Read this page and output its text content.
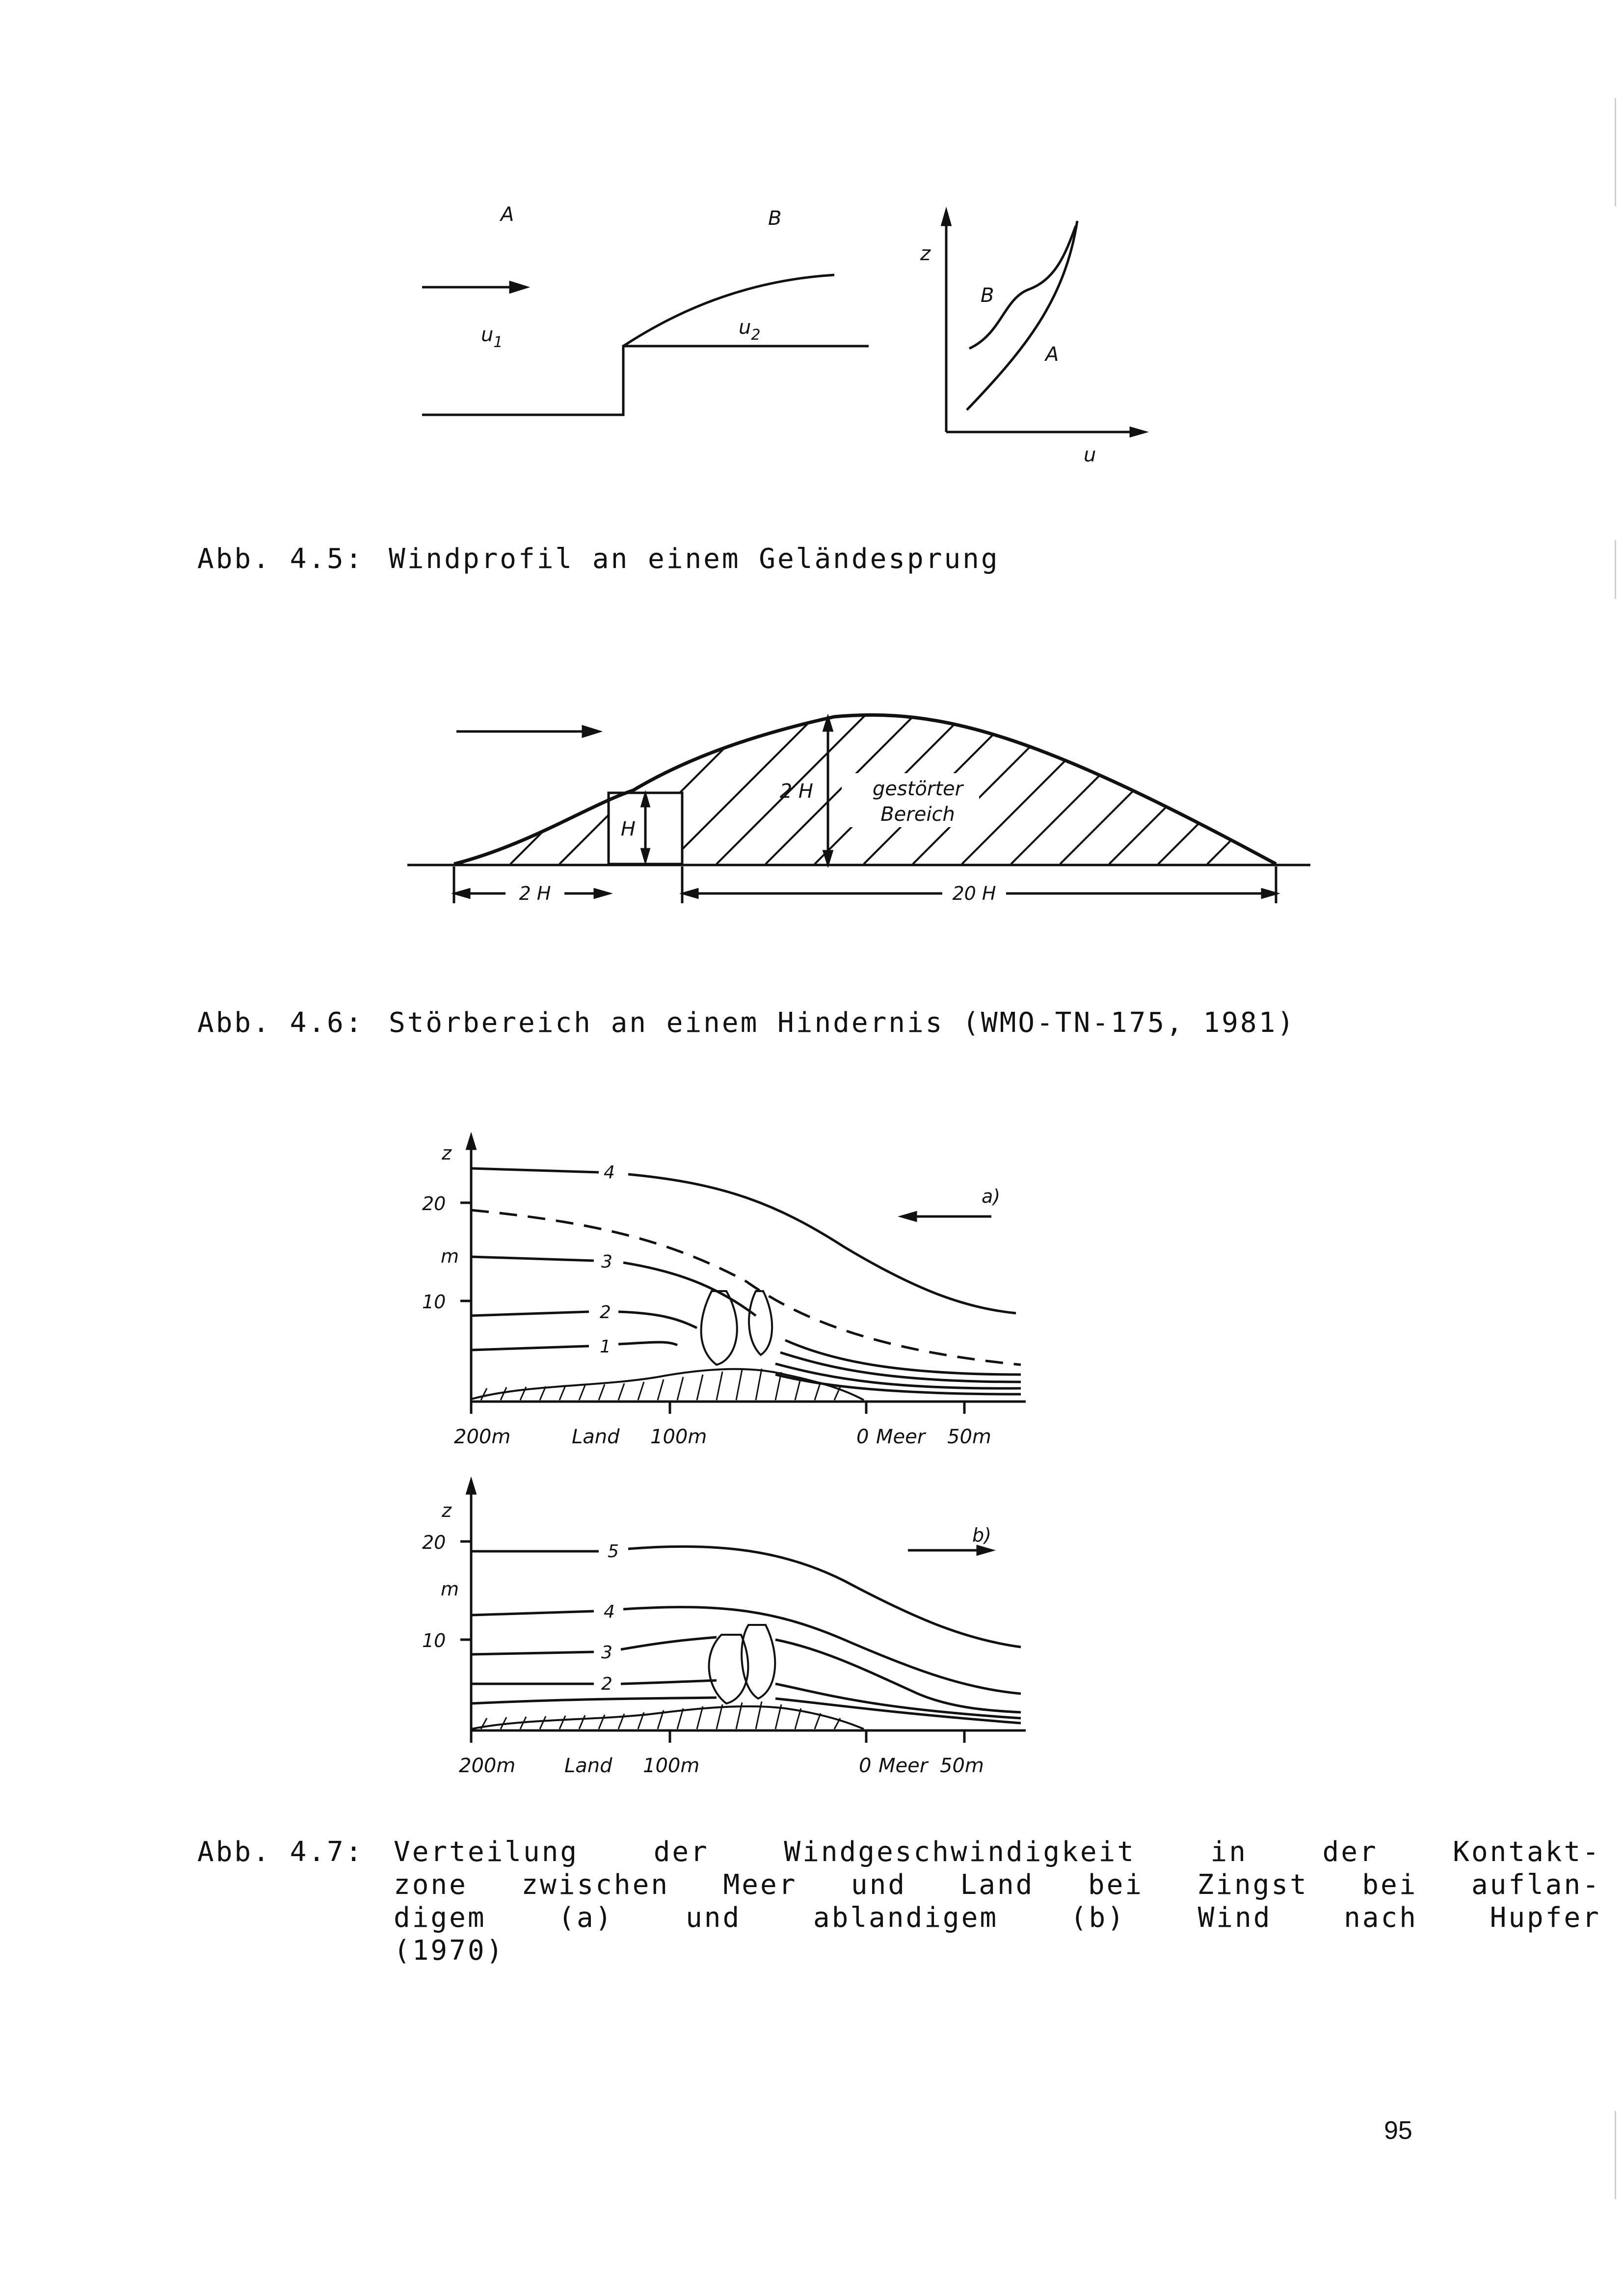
A	B
$u_1$
$u_2$
z
u
B
A
Abb. 4.5: Windprofil an einem Geländesprung
2 H
H
gestörter
Bereich
2 H	20 H
Abb. 4.6: Störbereich an einem Hindernis (WMO-TN-175, 1981)
z
20
m
10
4
3
2
1
a)
200m	Land 100m	0 Meer 50m
z
20
m
10
5
4
3
2
b)
200m Land 100m	0 Meer 50m
Abb. 4.7: Verteilung	der	Windgeschwindigkeit	in	der	Kontakt-
zone zwischen Meer und Land bei Zingst bei auflan-
digem	(a)	und	ablandigem	(b)	Wind	nach	Hupfer
(1970)
95
